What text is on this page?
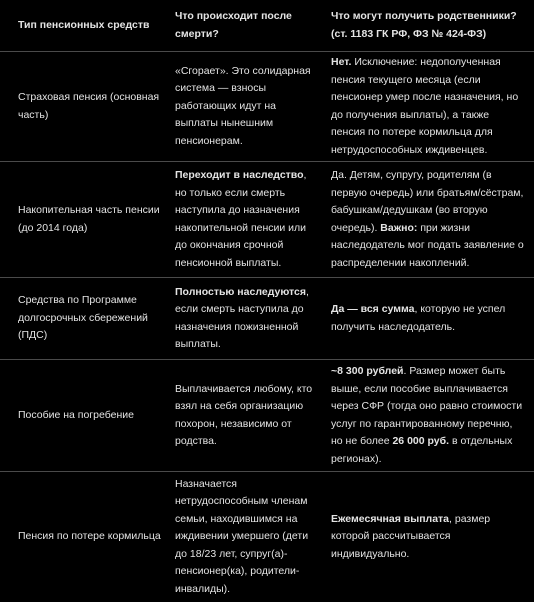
Тип пенсионных средств
Что происходит после смерти?
Что могут получить родственники? (ст. 1183 ГК РФ, ФЗ № 424-ФЗ)
Страховая пенсия (основная часть)
«Сгорает». Это солидарная система — взносы работающих идут на выплаты нынешним пенсионерам.
Нет. Исключение: недополученная пенсия текущего месяца (если пенсионер умер после назначения, но до получения выплаты), а также пенсия по потере кормильца для нетрудоспособных иждивенцев.
Накопительная часть пенсии (до 2014 года)
Переходит в наследство, но только если смерть наступила до назначения накопительной пенсии или до окончания срочной пенсионной выплаты.
Да. Детям, супругу, родителям (в первую очередь) или братьям/сёстрам, бабушкам/дедушкам (во вторую очередь). Важно: при жизни наследодатель мог подать заявление о распределении накоплений.
Средства по Программе долгосрочных сбережений (ПДС)
Полностью наследуются, если смерть наступила до назначения пожизненной выплаты.
Да — вся сумма, которую не успел получить наследодатель.
Пособие на погребение
Выплачивается любому, кто взял на себя организацию похорон, независимо от родства.
~8 300 рублей. Размер может быть выше, если пособие выплачивается через СФР (тогда оно равно стоимости услуг по гарантированному перечню, но не более 26 000 руб. в отдельных регионах).
Пенсия по потере кормильца
Назначается нетрудоспособным членам семьи, находившимся на иждивении умершего (дети до 18/23 лет, супруг(а)-пенсионер(ка), родители-инвалиды).
Ежемесячная выплата, размер которой рассчитывается индивидуально.
